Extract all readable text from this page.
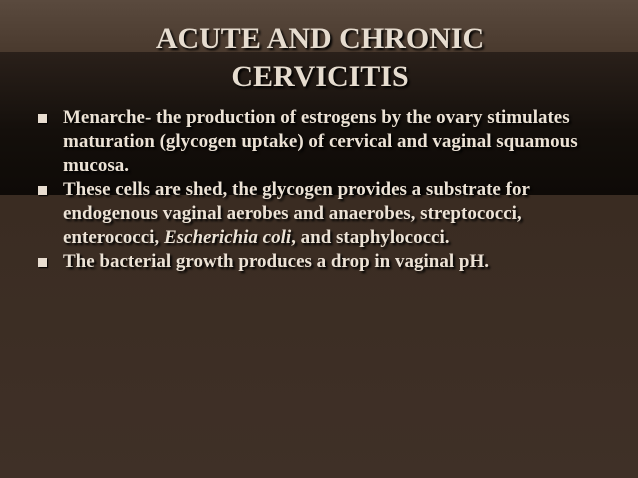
ACUTE AND CHRONIC
CERVICITIS
Menarche- the production of estrogens by the ovary stimulates maturation (glycogen uptake) of cervical and vaginal squamous mucosa.
These cells are shed, the glycogen provides a substrate for endogenous vaginal aerobes and anaerobes, streptococci, enterococci, Escherichia coli, and staphylococci.
The bacterial growth produces a drop in vaginal pH.
